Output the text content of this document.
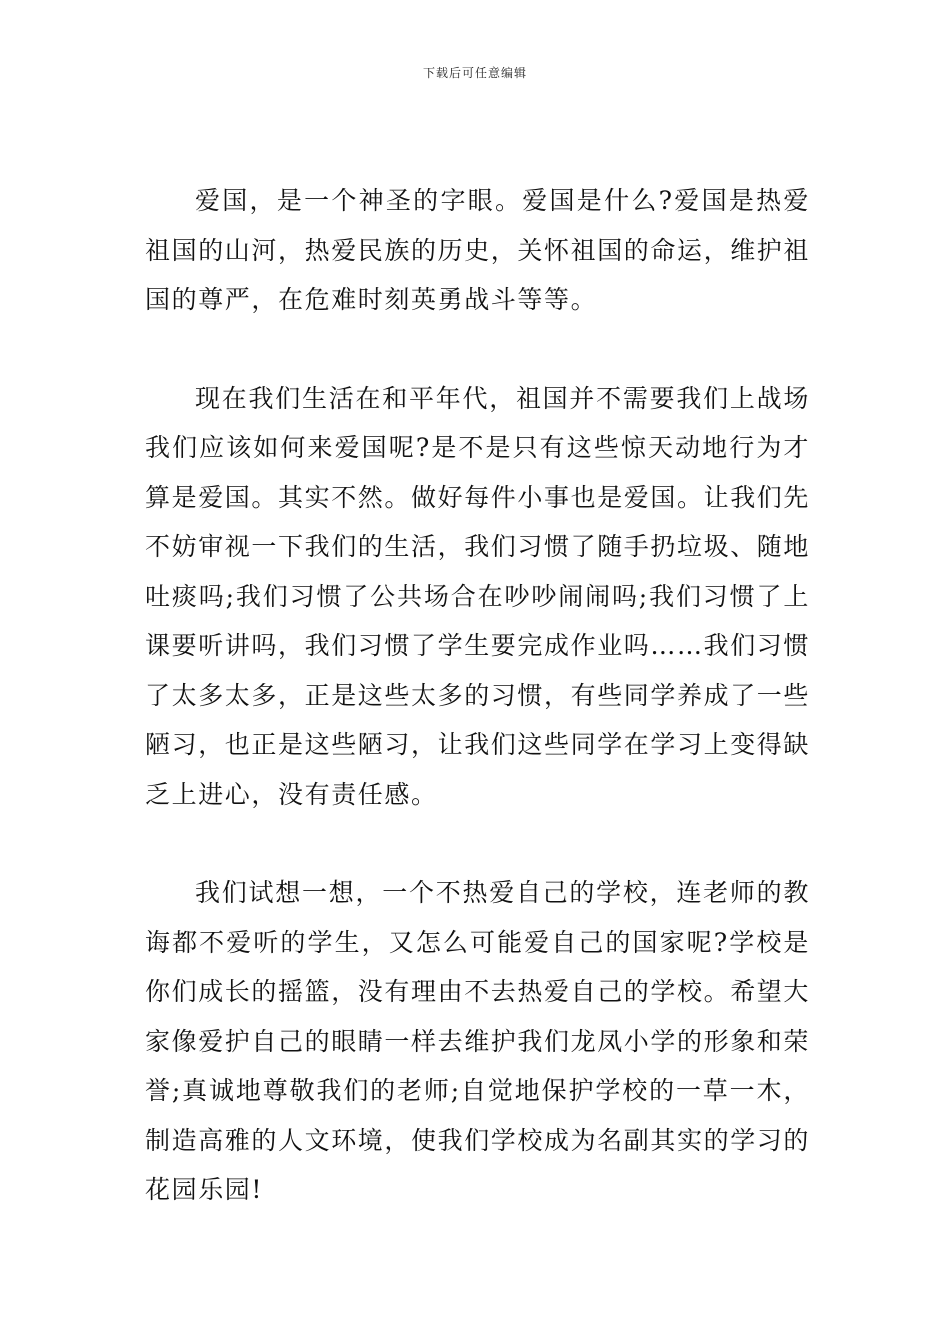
下载后可任意编辑

爱国，是一个神圣的字眼。爱国是什么?爱国是热爱祖国的山河，热爱民族的历史，关怀祖国的命运，维护祖国的尊严，在危难时刻英勇战斗等等。

现在我们生活在和平年代，祖国并不需要我们上战场我们应该如何来爱国呢?是不是只有这些惊天动地行为才算是爱国。其实不然。做好每件小事也是爱国。让我们先不妨审视一下我们的生活，我们习惯了随手扔垃圾、随地吐痰吗;我们习惯了公共场合在吵吵闹闹吗;我们习惯了上课要听讲吗，我们习惯了学生要完成作业吗……我们习惯了太多太多，正是这些太多的习惯，有些同学养成了一些陋习，也正是这些陋习，让我们这些同学在学习上变得缺乏上进心，没有责任感。

我们试想一想，一个不热爱自己的学校，连老师的教诲都不爱听的学生，又怎么可能爱自己的国家呢?学校是你们成长的摇篮，没有理由不去热爱自己的学校。希望大家像爱护自己的眼睛一样去维护我们龙凤小学的形象和荣誉;真诚地尊敬我们的老师;自觉地保护学校的一草一木，制造高雅的人文环境，使我们学校成为名副其实的学习的花园乐园!
